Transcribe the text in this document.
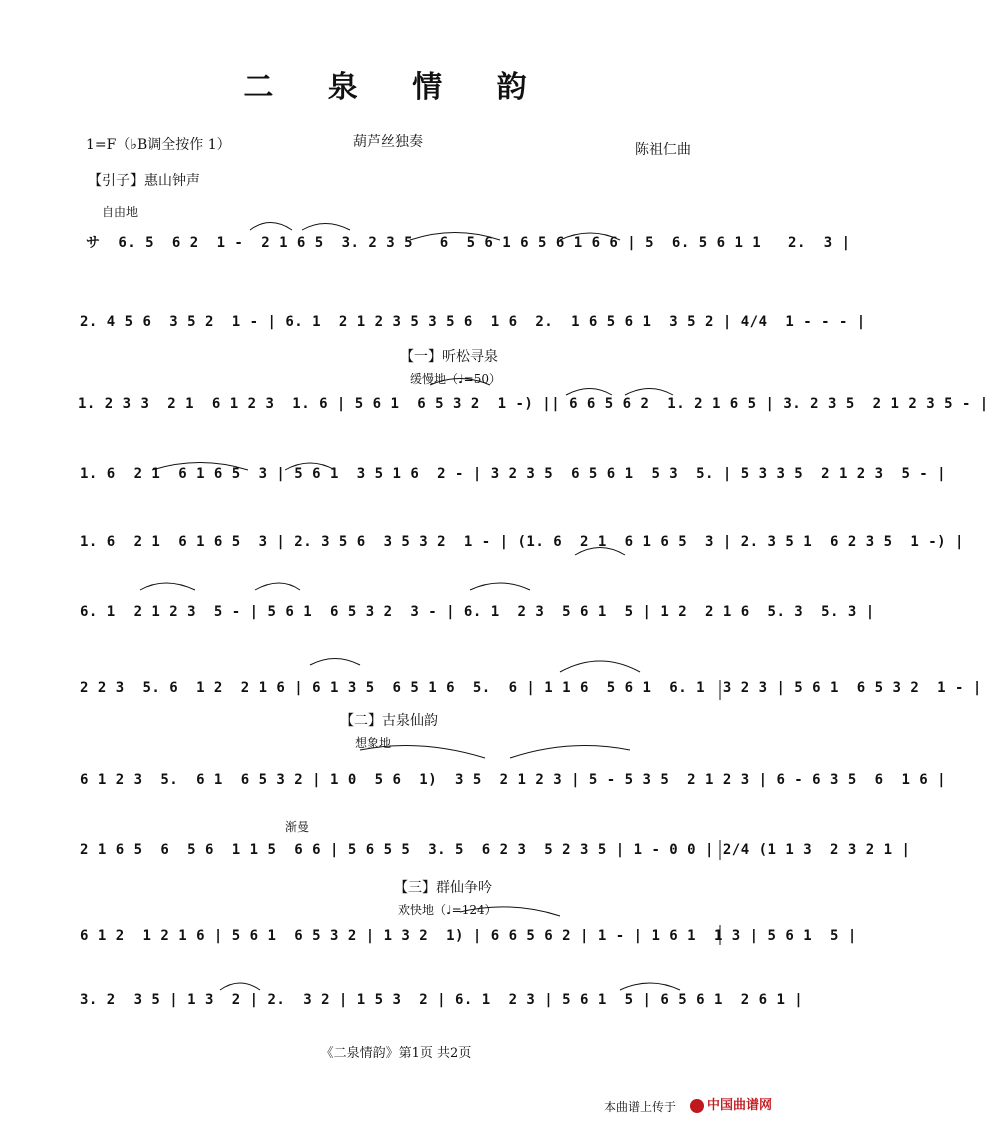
二 泉 情 韵
1=F（♭B调全按作 1）	葫芦丝独奏	陈祖仁曲
【引子】惠山钟声
自由地
サ  6. 5  6 2  1 -  2 1 6 5  3. 2 3 5   6  5 6 1 6 5 6 1 6 6 | 5  6. 5 6 1 1   2.  3 |
2. 4 5 6  3 5 2  1 - | 6. 1  2 1 2 3 5 3 5 6  1 6  2.  1 6 5 6 1  3 5 2 | 4/4  1 - - - |
【一】听松寻泉
缓慢地（♩=50）
1. 2 3 3  2 1  6 1 2 3  1. 6 | 5 6 1  6 5 3 2  1 -) || 6 6 5 6 2  1. 2 1 6 5 | 3. 2 3 5  2 1 2 3 5 - |
1. 6  2 1  6 1 6 5  3 | 5 6 1  3 5 1 6  2 - | 3 2 3 5  6 5 6 1  5 3  5. | 5 3 3 5  2 1 2 3  5 - |
1. 6  2 1  6 1 6 5  3 | 2. 3 5 6  3 5 3 2  1 - | (1. 6  2 1  6 1 6 5  3 | 2. 3 5 1  6 2 3 5  1 -) |
6. 1  2 1 2 3  5 - | 5 6 1  6 5 3 2  3 - | 6. 1  2 3  5 6 1  5 | 1 2  2 1 6  5. 3  5. 3 |
2 2 3  5. 6  1 2  2 1 6 | 6 1 3 5  6 5 1 6  5.  6 | 1 1 6  5 6 1  6. 1  3 2 3 | 5 6 1  6 5 3 2  1 - |
【二】古泉仙韵
想象地
6 1 2 3  5.  6 1  6 5 3 2 | 1 0  5 6  1)  3 5  2 1 2 3 | 5 - 5 3 5  2 1 2 3 | 6 - 6 3 5  6  1 6 |
渐曼
2 1 6 5  6  5 6  1 1 5  6 6 | 5 6 5 5  3. 5  6 2 3  5 2 3 5 | 1 - 0 0 | 2/4 (1 1 3  2 3 2 1 |
【三】群仙争吟
欢快地（♩=124）
6 1 2  1 2 1 6 | 5 6 1  6 5 3 2 | 1 3 2  1) | 6 6 5 6 2 | 1 - | 1 6 1  1 3 | 5 6 1  5 |
3. 2  3 5 | 1 3  2 | 2.  3 2 | 1 5 3  2 | 6. 1  2 3 | 5 6 1  5 | 6 5 6 1  2 6 1 |
《二泉情韵》第1页 共2页
本曲谱上传于	中国曲谱网
